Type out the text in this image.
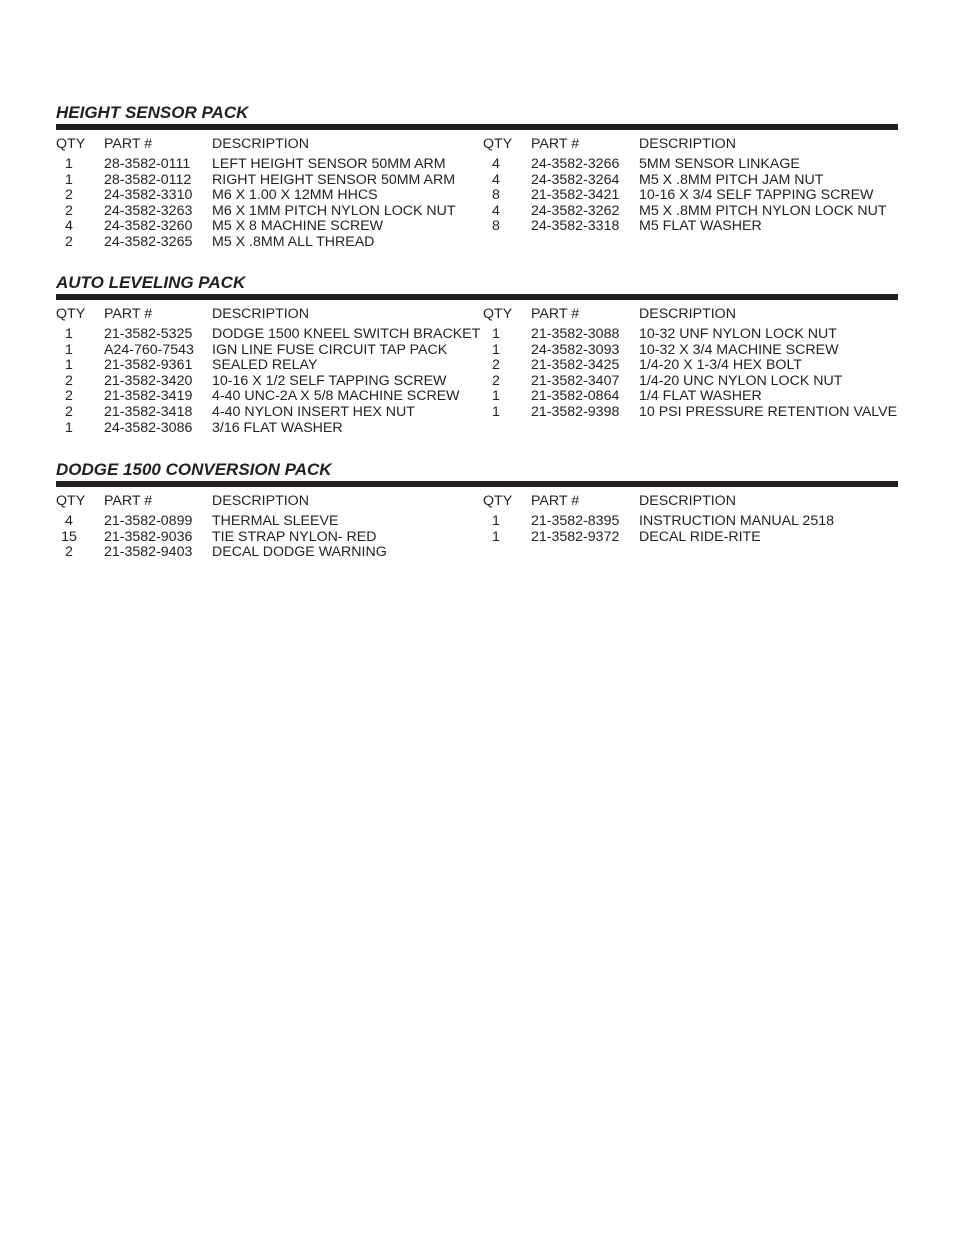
HEIGHT SENSOR PACK
QTY PART #	DESCRIPTION
1	28-3582-0111 LEFT HEIGHT SENSOR 50MM ARM
1	28-3582-0112 RIGHT HEIGHT SENSOR 50MM ARM
2	24-3582-3310 M6 X 1.00 X 12MM HHCS
2	24-3582-3263 M6 X 1MM PITCH NYLON LOCK NUT
4	24-3582-3260 M5 X 8 MACHINE SCREW
2	24-3582-3265 M5 X .8MM ALL THREAD
QTY PART #	DESCRIPTION
4	24-3582-3266 5MM SENSOR LINKAGE
4	24-3582-3264 M5 X .8MM PITCH JAM NUT
8	21-3582-3421 10-16 X 3/4 SELF TAPPING SCREW
4	24-3582-3262 M5 X .8MM PITCH NYLON LOCK NUT
8	24-3582-3318 M5 FLAT WASHER
AUTO LEVELING PACK
QTY PART #	DESCRIPTION
1	21-3582-5325 DODGE 1500 KNEEL SWITCH BRACKET
1	A24-760-7543 IGN LINE FUSE CIRCUIT TAP PACK
1	21-3582-9361 SEALED RELAY
2	21-3582-3420 10-16 X 1/2 SELF TAPPING SCREW
2	21-3582-3419 4-40 UNC-2A X 5/8 MACHINE SCREW
2	21-3582-3418 4-40 NYLON INSERT HEX NUT
1	24-3582-3086 3/16 FLAT WASHER
QTY PART #	DESCRIPTION
1	21-3582-3088 10-32 UNF NYLON LOCK NUT
1	24-3582-3093 10-32 X 3/4 MACHINE SCREW
2	21-3582-3425 1/4-20 X 1-3/4 HEX BOLT
2	21-3582-3407 1/4-20 UNC NYLON LOCK NUT
1	21-3582-0864 1/4 FLAT WASHER
1	21-3582-9398 10 PSI PRESSURE RETENTION VALVE
DODGE 1500 CONVERSION PACK
QTY PART #	DESCRIPTION
4	21-3582-0899 THERMAL SLEEVE
15	21-3582-9036 TIE STRAP NYLON- RED
2	21-3582-9403 DECAL DODGE WARNING
QTY PART #	DESCRIPTION
1	21-3582-8395 INSTRUCTION MANUAL 2518
1	21-3582-9372 DECAL RIDE-RITE
